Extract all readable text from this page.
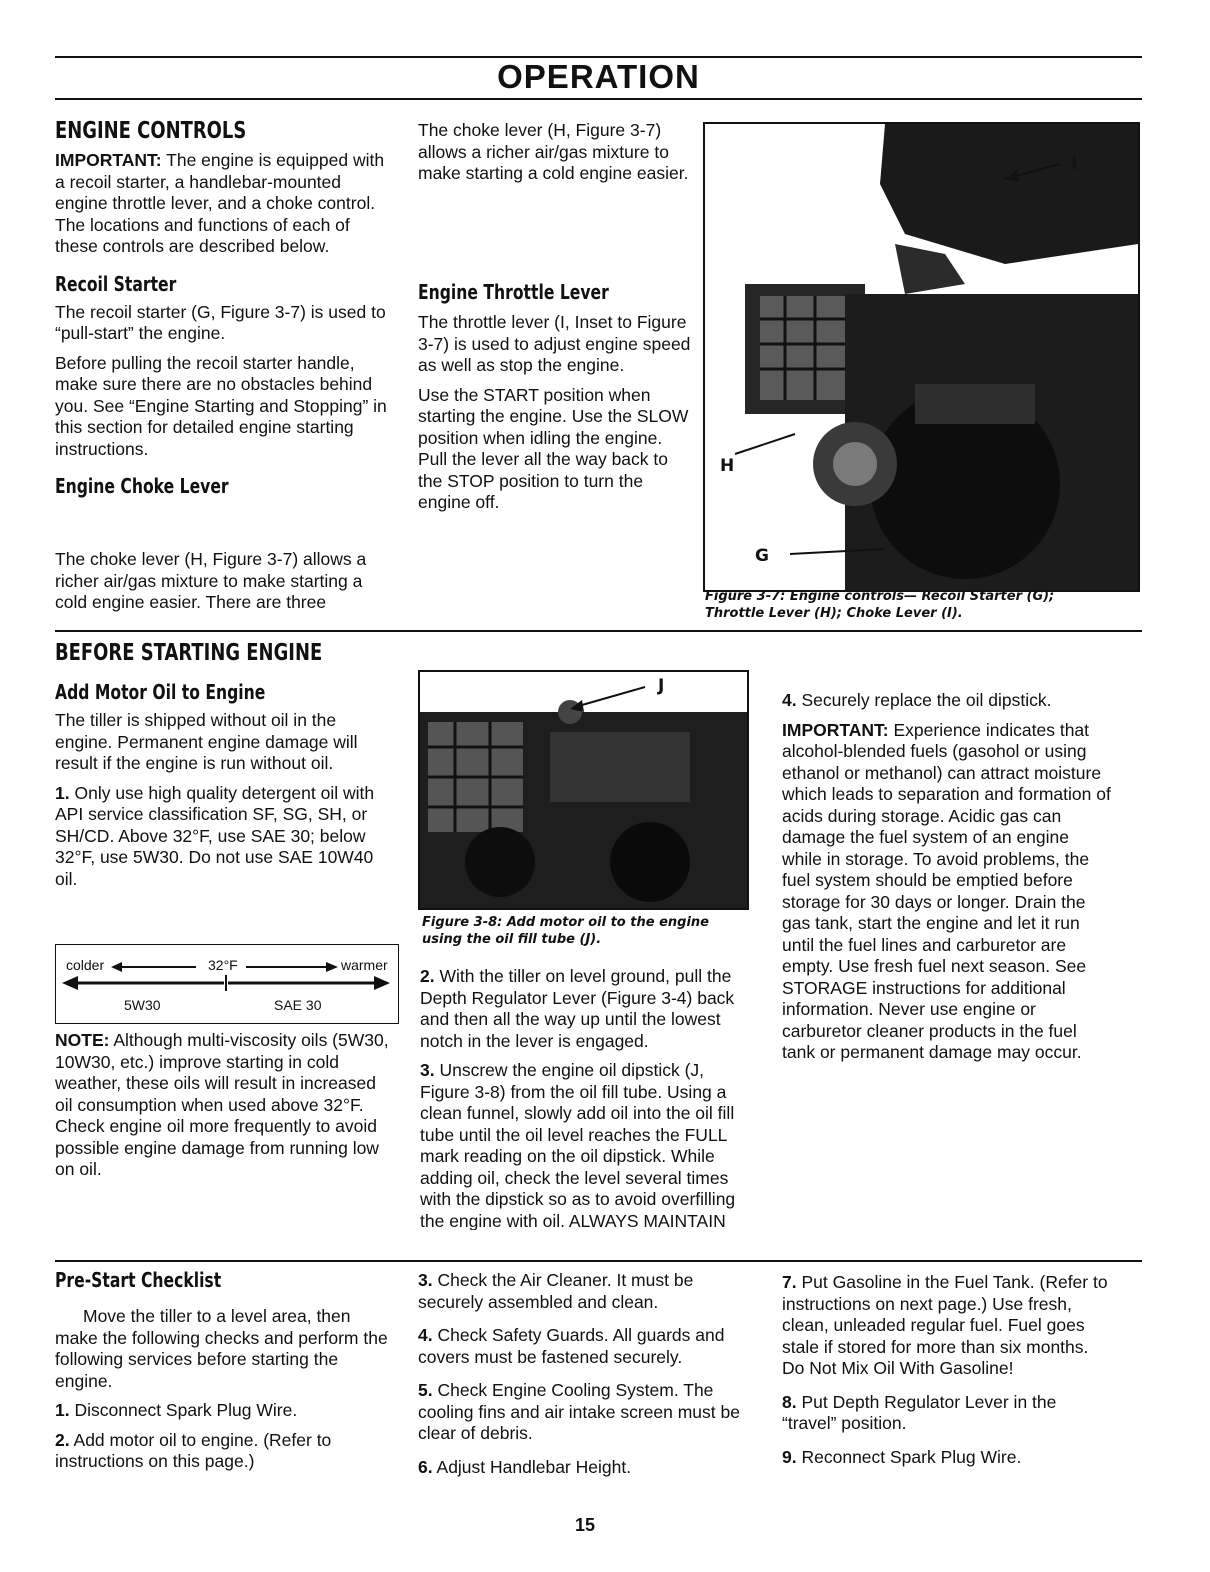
OPERATION
ENGINE CONTROLS

IMPORTANT: The engine is equipped with a recoil starter, a handlebar-mounted engine throttle lever, and a choke control. The locations and functions of each of these controls are described below.

Recoil Starter

The recoil starter (G, Figure 3-7) is used to “pull-start” the engine.

Before pulling the recoil starter handle, make sure there are no obstacles behind you. See “Engine Starting and Stopping” in this section for detailed engine starting instructions.

Engine Choke Lever
The choke lever (H, Figure 3-7) allows a richer air/gas mixture to make starting a cold engine easier. There are three
The choke lever (H, Figure 3-7) allows a richer air/gas mixture to make starting a cold engine easier.
Engine Throttle Lever

The throttle lever (I, Inset to Figure 3-7) is used to adjust engine speed as well as stop the engine.

Use the START position when starting the engine. Use the SLOW position when idling the engine. Pull the lever all the way back to the STOP position to turn the engine off.

I
H
G
Figure 3-7: Engine controls— Recoil Starter (G); Throttle Lever (H); Choke Lever (I).
BEFORE STARTING ENGINE
Add Motor Oil to Engine

The tiller is shipped without oil in the engine. Permanent engine damage will result if the engine is run without oil.

1. Only use high quality detergent oil with API service classification SF, SG, SH, or SH/CD. Above 32°F, use SAE 30; below 32°F, use 5W30. Do not use SAE 10W40 oil.

colder	32°F	warmer
5W30	SAE 30

NOTE: Although multi-viscosity oils (5W30, 10W30, etc.) improve starting in cold weather, these oils will result in increased oil consumption when used above 32°F. Check engine oil more frequently to avoid possible engine damage from running low on oil.

J
Figure 3-8: Add motor oil to the engine using the oil fill tube (J).

2. With the tiller on level ground, pull the Depth Regulator Lever (Figure 3-4) back and then all the way up until the lowest notch in the lever is engaged.

3. Unscrew the engine oil dipstick (J, Figure 3-8) from the oil fill tube. Using a clean funnel, slowly add oil into the oil fill tube until the oil level reaches the FULL mark reading on the oil dipstick. While adding oil, check the level several times with the dipstick so as to avoid overfilling the engine with oil. ALWAYS MAINTAIN

4. Securely replace the oil dipstick.

IMPORTANT: Experience indicates that alcohol-blended fuels (gasohol or using ethanol or methanol) can attract moisture which leads to separation and formation of acids during storage. Acidic gas can damage the fuel system of an engine while in storage. To avoid problems, the fuel system should be emptied before storage for 30 days or longer. Drain the gas tank, start the engine and let it run until the fuel lines and carburetor are empty. Use fresh fuel next season. See STORAGE instructions for additional information. Never use engine or carburetor cleaner products in the fuel tank or permanent damage may occur.

Pre-Start Checklist

Move the tiller to a level area, then make the following checks and perform the following services before starting the engine.

1. Disconnect Spark Plug Wire.

2. Add motor oil to engine. (Refer to instructions on this page.)

3. Check the Air Cleaner. It must be securely assembled and clean.

4. Check Safety Guards. All guards and covers must be fastened securely.

5. Check Engine Cooling System. The cooling fins and air intake screen must be clear of debris.

6. Adjust Handlebar Height.

7. Put Gasoline in the Fuel Tank. (Refer to instructions on next page.) Use fresh, clean, unleaded regular fuel. Fuel goes stale if stored for more than six months. Do Not Mix Oil With Gasoline!

8. Put Depth Regulator Lever in the “travel” position.

9. Reconnect Spark Plug Wire.

15
